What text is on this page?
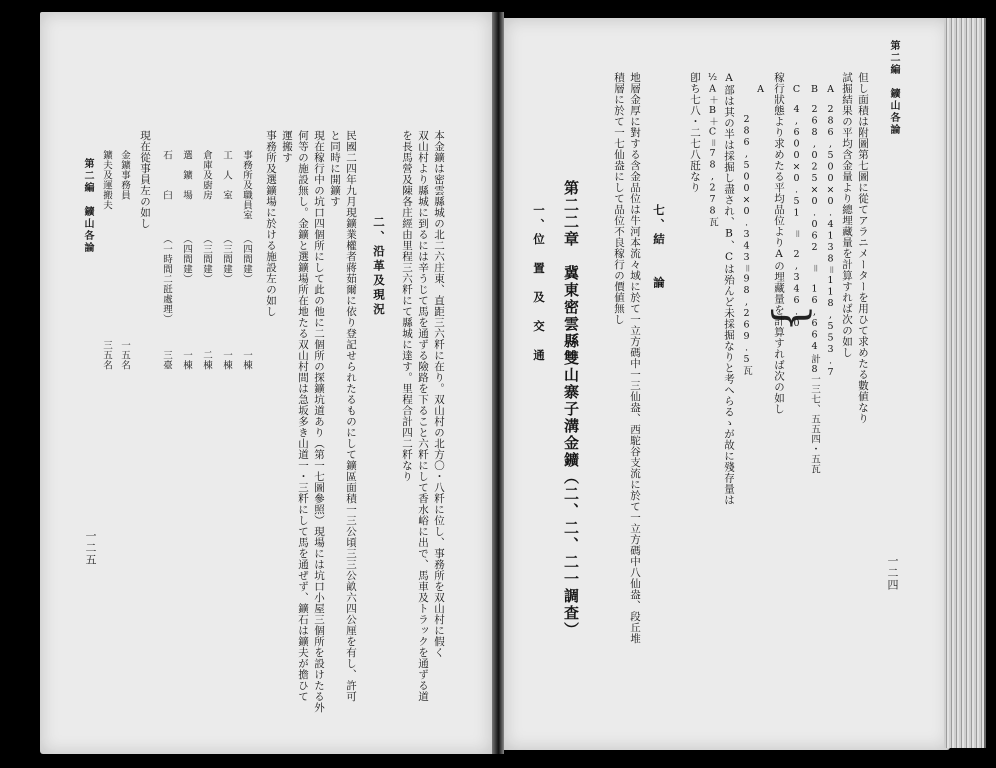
第二編　鑛山各論
一二四
但し面積は附圖第七圖に從てアラニメーターを用ひて求めたる數値なり
試掘結果の平均含金量より總埋藏量を計算すれば次の如し
A
286,500×0.4138＝118,553.7
B
268,025×0.062　＝　16,664.8
C
4,600×0.51　＝　2,346.0
}
計　一三七、五五四・五瓦
稼行狀態より求めたる平均品位よりAの埋藏量を計算すれば次の如し
A
286,500×0.343＝98,269.5瓦
A部は其の半は採掘し盡され、B、Cは殆んど未採掘なりと考へらるゝが故に殘存量は
½A＋B＋C＝78,278瓦
卽ち七八・二七八瓩なり
七、結　　論
地層金厚に對する含金品位は牛河本流々域に於て一立方碼中一三仙盎、西駝谷支流に於て一立方碼中八仙盎、段丘堆
積層に於て一七仙盎にして品位不良稼行の價値無し
第二二章　冀東密雲縣雙山寨子溝金鑛（二、二、二一調査）
一、位　置　及　交　通
本金鑛は密雲縣城の北二六庄東、直距三六粁に在り。双山村の北方〇・八粁に位し、事務所を双山村に假く
双山村より縣城に到るには辛うじて馬を通ずる險路を下ること六粁にして香水峪に出で、馬車及トラックを通ずる道
を長馬營及陳各庄經由里程三六粁にて縣城に達す。里程合計四二粁なり
二、沿革及現況
民國二四年九月現鑛業權者蔣茹爾に依り登記せられたるものにして鑛區面積一三公頃三三公畝六四公厘を有し、許可
と同時に開鑛す
現在稼行中の坑口四個所にして此の他に二個所の探鑛坑道あり（第一七圖參照）現場には坑口小屋三個所を設けたる外
何等の施設無し。金鑛と選鑛場所在地たる双山村間は急坂多き山道一・三粁にして馬を通ぜず、鑛石は鑛夫が擔ひて
運搬す
事務所及選鑛場に於ける施設左の如し
事務所及職員室
（四間建）
一棟
工　人　室
（三間建）
一棟
倉庫及廚房
（三間建）
二棟
選　鑛　場
（四間建）
一棟
石　　　臼
（一時間二瓩處理）
三臺
現在從事員左の如し
金鑛事務員
一五名
鑛夫及運搬夫
三五名
第二編　鑛山各論
一二五
